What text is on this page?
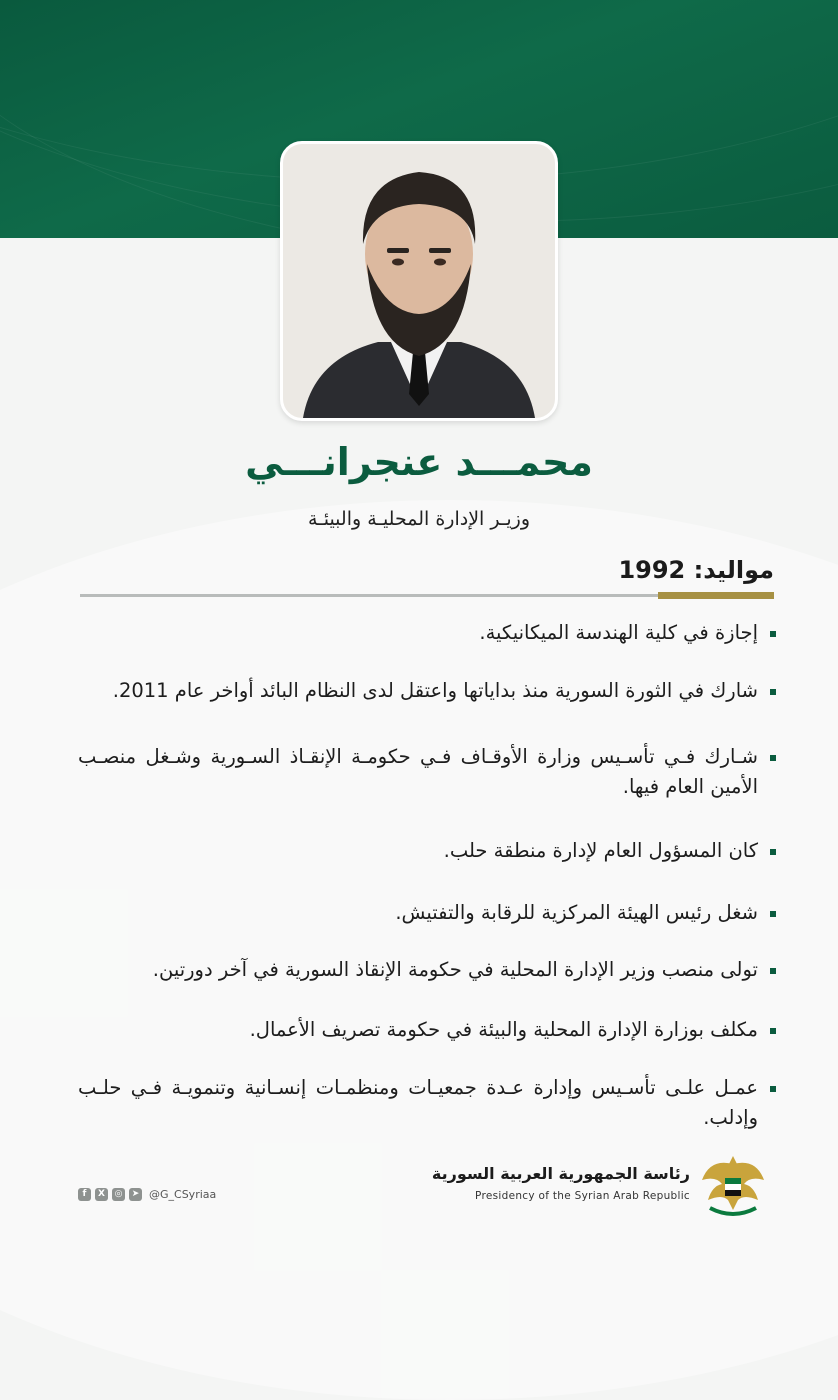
محمـــد عنجرانـــي
وزيـر الإدارة المحليـة والبيئـة
مواليد: 1992
إجازة في كلية الهندسة الميكانيكية.
شارك في الثورة السورية منذ بداياتها واعتقل لدى النظام البائد أواخر عام 2011.
شـارك فـي تأسـيس وزارة الأوقـاف فـي حكومـة الإنقـاذ السـورية وشـغل منصـب الأمين العام فيها.
كان المسؤول العام لإدارة منطقة حلب.
شغل رئيس الهيئة المركزية للرقابة والتفتيش.
تولى منصب وزير الإدارة المحلية في حكومة الإنقاذ السورية في آخر دورتين.
مكلف بوزارة الإدارة المحلية والبيئة في حكومة تصريف الأعمال.
عمـل علـى تأسـيس وإدارة عـدة جمعيـات ومنظمـات إنسـانية وتنمويـة فـي حلـب وإدلب.
رئاسة الجمهورية العربية السورية
Presidency of the Syrian Arab Republic
f	X	◎	➤ @G_CSyriaa
